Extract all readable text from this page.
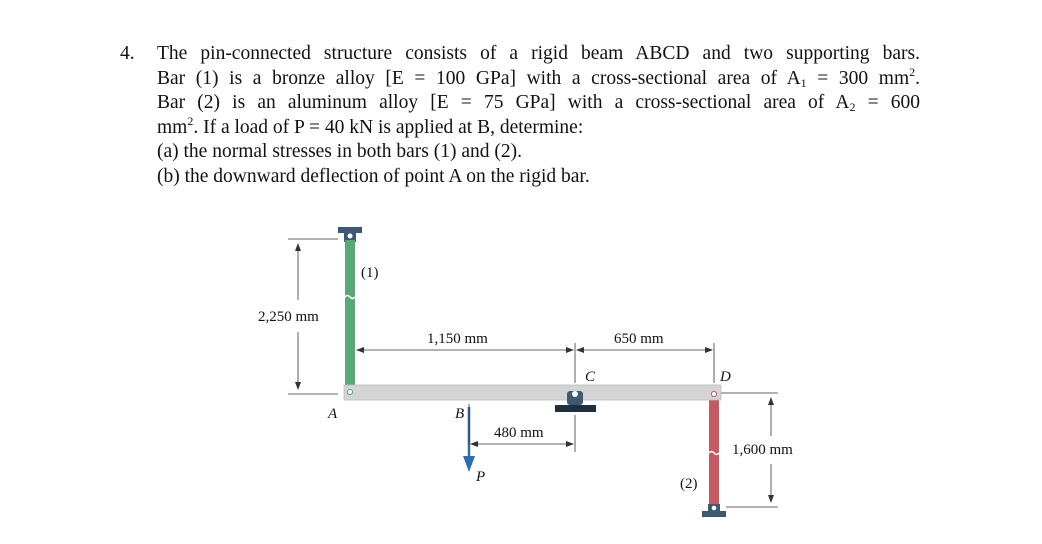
4. The pin-connected structure consists of a rigid beam ABCD and two supporting bars.
Bar (1) is a bronze alloy [E = 100 GPa] with a cross-sectional area of $A_1 = 300$ $mm^2$.
Bar (2) is an aluminum alloy [E = 75 GPa] with a cross-sectional area of $A_2 = 600$
$mm^2$. If a load of P = 40 kN is applied at B, determine:
(a) the normal stresses in both bars (1) and (2).
(b) the downward deflection of point A on the rigid bar.
(1)
(2)
A	B
C	D
P
2,250 mm
1,150 mm	650 mm
480 mm
1,600 mm
